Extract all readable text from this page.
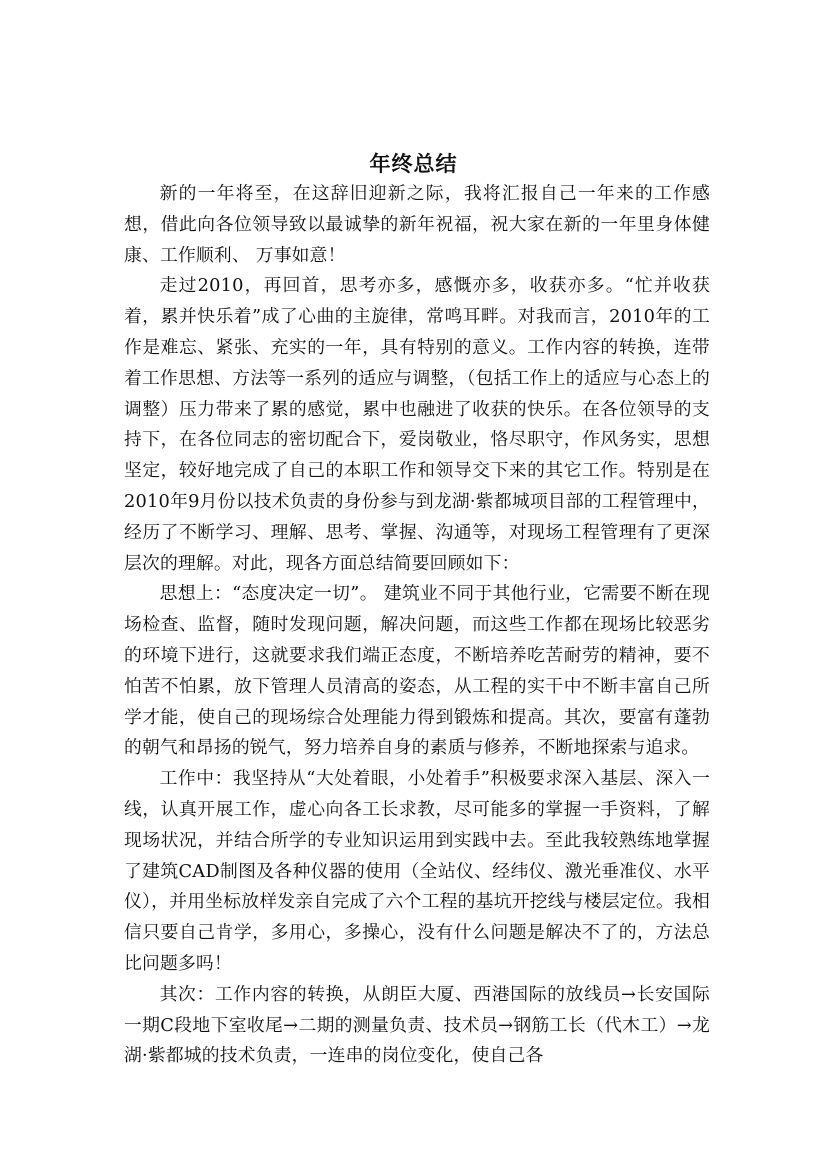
年终总结

新的一年将至，在这辞旧迎新之际，我将汇报自己一年来的工作感想，借此向各位领导致以最诚挚的新年祝福，祝大家在新的一年里身体健康、工作顺利、 万事如意！

走过2010，再回首，思考亦多，感慨亦多，收获亦多。“忙并收获着，累并快乐着”成了心曲的主旋律，常鸣耳畔。对我而言，2010年的工作是难忘、紧张、充实的一年，具有特别的意义。工作内容的转换，连带着工作思想、方法等一系列的适应与调整，（包括工作上的适应与心态上的调整）压力带来了累的感觉，累中也融进了收获的快乐。在各位领导的支持下，在各位同志的密切配合下，爱岗敬业，恪尽职守，作风务实，思想坚定，较好地完成了自己的本职工作和领导交下来的其它工作。特别是在2010年9月份以技术负责的身份参与到龙湖·紫都城项目部的工程管理中，经历了不断学习、理解、思考、掌握、沟通等，对现场工程管理有了更深层次的理解。对此，现各方面总结简要回顾如下：

思想上：“态度决定一切”。 建筑业不同于其他行业，它需要不断在现场检查、监督，随时发现问题，解决问题，而这些工作都在现场比较恶劣的环境下进行，这就要求我们端正态度，不断培养吃苦耐劳的精神，要不怕苦不怕累，放下管理人员清高的姿态，从工程的实干中不断丰富自己所学才能，使自己的现场综合处理能力得到锻炼和提高。其次，要富有蓬勃的朝气和昂扬的锐气，努力培养自身的素质与修养，不断地探索与追求。

工作中：我坚持从“大处着眼，小处着手”积极要求深入基层、深入一线，认真开展工作，虚心向各工长求教，尽可能多的掌握一手资料，了解现场状况，并结合所学的专业知识运用到实践中去。至此我较熟练地掌握了建筑CAD制图及各种仪器的使用（全站仪、经纬仪、激光垂准仪、水平仪），并用坐标放样发亲自完成了六个工程的基坑开挖线与楼层定位。我相信只要自己肯学，多用心，多操心，没有什么问题是解决不了的，方法总比问题多吗！

其次：工作内容的转换，从朗臣大厦、西港国际的放线员→长安国际一期C段地下室收尾→二期的测量负责、技术员→钢筋工长（代木工）→龙湖·紫都城的技术负责，一连串的岗位变化，使自己各
